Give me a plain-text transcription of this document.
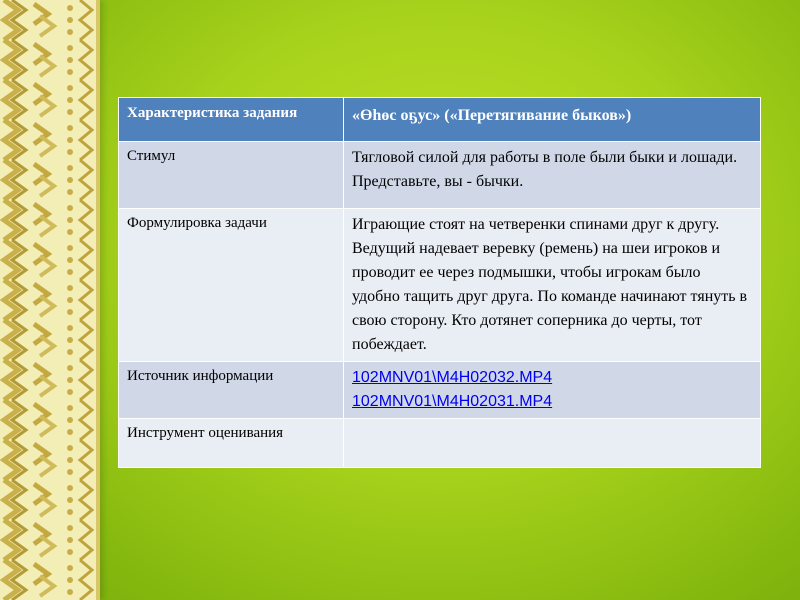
Характеристика задания	«Өһөс оҕус» («Перетягивание быков»)
Стимул	Тягловой силой для работы в поле были быки и лошади. Представьте, вы - бычки.
Формулировка задачи	Играющие стоят на четверенки спинами друг к другу. Ведущий надевает веревку (ремень) на шеи игроков и проводит ее через подмышки, чтобы игрокам было удобно тащить друг друга. По команде начинают тянуть в свою сторону. Кто дотянет соперника до черты, тот побеждает.
Источник информации	102MNV01\M4H02032.MP4
102MNV01\M4H02031.MP4

Инструмент оценивания	
